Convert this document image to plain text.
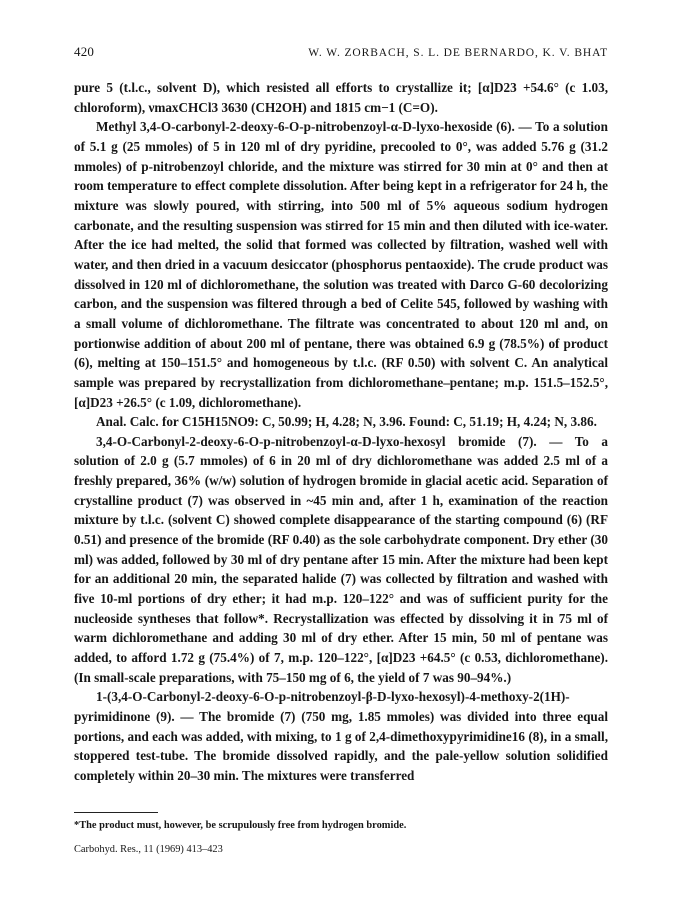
420	W. W. ZORBACH, S. L. DE BERNARDO, K. V. BHAT

pure 5 (t.l.c., solvent D), which resisted all efforts to crystallize it; [α]D23 +54.6° (c 1.03, chloroform), νmaxCHCl3 3630 (CH2OH) and 1815 cm−1 (C=O).

Methyl 3,4-O-carbonyl-2-deoxy-6-O-p-nitrobenzoyl-α-D-lyxo-hexoside (6). — To a solution of 5.1 g (25 mmoles) of 5 in 120 ml of dry pyridine, precooled to 0°, was added 5.76 g (31.2 mmoles) of p-nitrobenzoyl chloride, and the mixture was stirred for 30 min at 0° and then at room temperature to effect complete dissolution. After being kept in a refrigerator for 24 h, the mixture was slowly poured, with stirring, into 500 ml of 5% aqueous sodium hydrogen carbonate, and the resulting suspension was stirred for 15 min and then diluted with ice-water. After the ice had melted, the solid that formed was collected by filtration, washed well with water, and then dried in a vacuum desiccator (phosphorus pentaoxide). The crude product was dissolved in 120 ml of dichloromethane, the solution was treated with Darco G-60 decolorizing carbon, and the suspension was filtered through a bed of Celite 545, followed by washing with a small volume of dichloromethane. The filtrate was concentrated to about 120 ml and, on portionwise addition of about 200 ml of pentane, there was obtained 6.9 g (78.5%) of product (6), melting at 150–151.5° and homogeneous by t.l.c. (RF 0.50) with solvent C. An analytical sample was prepared by recrystallization from dichloromethane–pentane; m.p. 151.5–152.5°, [α]D23 +26.5° (c 1.09, dichloromethane).

Anal. Calc. for C15H15NO9: C, 50.99; H, 4.28; N, 3.96. Found: C, 51.19; H, 4.24; N, 3.86.

3,4-O-Carbonyl-2-deoxy-6-O-p-nitrobenzoyl-α-D-lyxo-hexosyl bromide (7). — To a solution of 2.0 g (5.7 mmoles) of 6 in 20 ml of dry dichloromethane was added 2.5 ml of a freshly prepared, 36% (w/w) solution of hydrogen bromide in glacial acetic acid. Separation of crystalline product (7) was observed in ~45 min and, after 1 h, examination of the reaction mixture by t.l.c. (solvent C) showed complete disappearance of the starting compound (6) (RF 0.51) and presence of the bromide (RF 0.40) as the sole carbohydrate component. Dry ether (30 ml) was added, followed by 30 ml of dry pentane after 15 min. After the mixture had been kept for an additional 20 min, the separated halide (7) was collected by filtration and washed with five 10-ml portions of dry ether; it had m.p. 120–122° and was of sufficient purity for the nucleoside syntheses that follow*. Recrystallization was effected by dissolving it in 75 ml of warm dichloromethane and adding 30 ml of dry ether. After 15 min, 50 ml of pentane was added, to afford 1.72 g (75.4%) of 7, m.p. 120–122°, [α]D23 +64.5° (c 0.53, dichloromethane). (In small-scale preparations, with 75–150 mg of 6, the yield of 7 was 90–94%.)

1-(3,4-O-Carbonyl-2-deoxy-6-O-p-nitrobenzoyl-β-D-lyxo-hexosyl)-4-methoxy-2(1H)-pyrimidinone (9). — The bromide (7) (750 mg, 1.85 mmoles) was divided into three equal portions, and each was added, with mixing, to 1 g of 2,4-dimethoxypyrimidine16 (8), in a small, stoppered test-tube. The bromide dissolved rapidly, and the pale-yellow solution solidified completely within 20–30 min. The mixtures were transferred

*The product must, however, be scrupulously free from hydrogen bromide.
Carbohyd. Res., 11 (1969) 413–423
